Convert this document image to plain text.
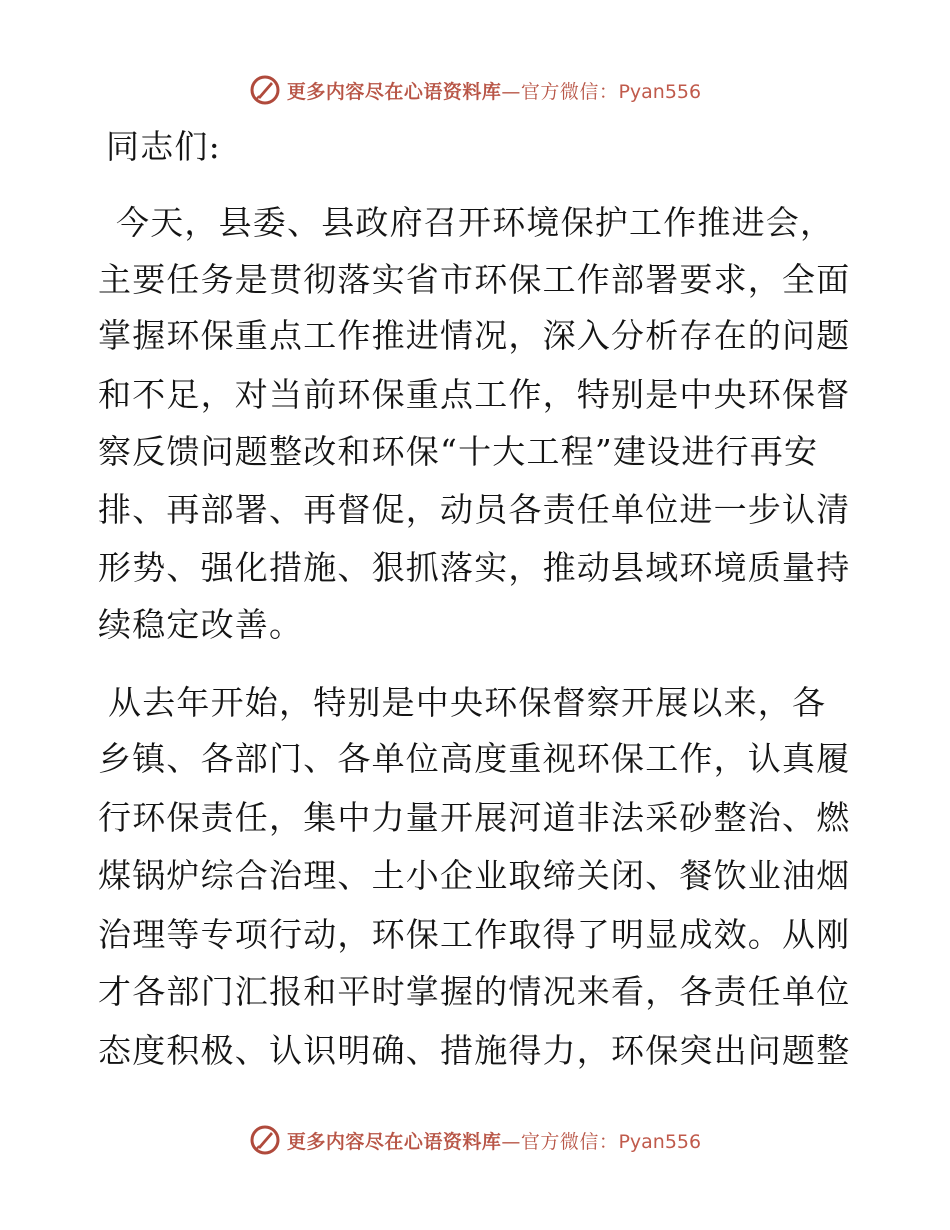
更多内容尽在心语资料库—官方微信：Pyan556
同志们:
今天，县委、县政府召开环境保护工作推进会，
主要任务是贯彻落实省市环保工作部署要求，全面
掌握环保重点工作推进情况，深入分析存在的问题
和不足，对当前环保重点工作，特别是中央环保督
察反馈问题整改和环保“十大工程”建设进行再安
排、再部署、再督促，动员各责任单位进一步认清
形势、强化措施、狠抓落实，推动县域环境质量持
续稳定改善。
从去年开始，特别是中央环保督察开展以来，各
乡镇、各部门、各单位高度重视环保工作，认真履
行环保责任，集中力量开展河道非法采砂整治、燃
煤锅炉综合治理、土小企业取缔关闭、餐饮业油烟
治理等专项行动，环保工作取得了明显成效。从刚
才各部门汇报和平时掌握的情况来看，各责任单位
态度积极、认识明确、措施得力，环保突出问题整
更多内容尽在心语资料库—官方微信：Pyan556
